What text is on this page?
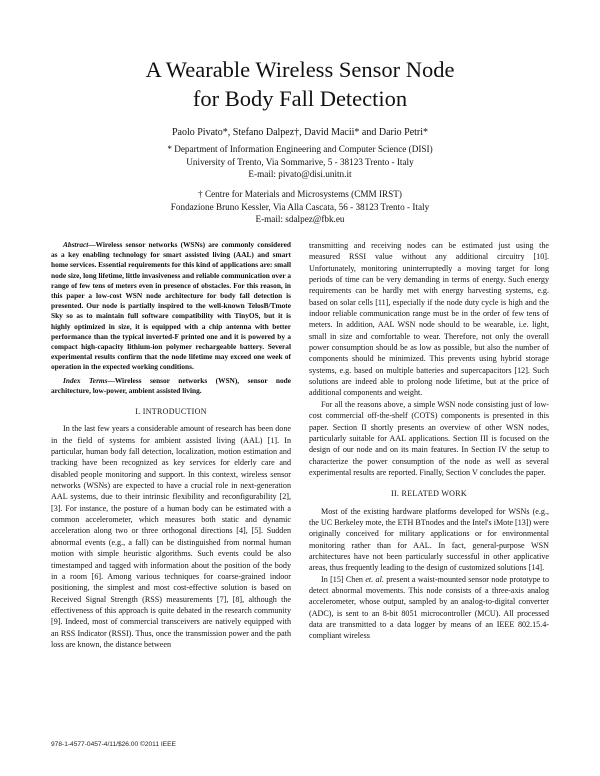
A Wearable Wireless Sensor Node
for Body Fall Detection
Paolo Pivato*, Stefano Dalpez†, David Macii* and Dario Petri*
* Department of Information Engineering and Computer Science (DISI)
University of Trento, Via Sommarive, 5 - 38123 Trento - Italy
E-mail: pivato@disi.unitn.it
† Centre for Materials and Microsystems (CMM IRST)
Fondazione Bruno Kessler, Via Alla Cascata, 56 - 38123 Trento - Italy
E-mail: sdalpez@fbk.eu

Abstract—Wireless sensor networks (WSNs) are commonly considered as a key enabling technology for smart assisted living (AAL) and smart home services. Essential requirements for this kind of applications are: small node size, long lifetime, little invasiveness and reliable communication over a range of few tens of meters even in presence of obstacles. For this reason, in this paper a low-cost WSN node architecture for body fall detection is presented. Our node is partially inspired to the well-known TelosB/Tmote Sky so as to maintain full software compatibility with TinyOS, but it is highly optimized in size, it is equipped with a chip antenna with better performance than the typical inverted-F printed one and it is powered by a compact high-capacity lithium-ion polymer rechargeable battery. Several experimental results confirm that the node lifetime may exceed one week of operation in the expected working conditions.

Index Terms—Wireless sensor networks (WSN), sensor node architecture, low-power, ambient assisted living.

I. INTRODUCTION

In the last few years a considerable amount of research has been done in the field of systems for ambient assisted living (AAL) [1]. In particular, human body fall detection, localization, motion estimation and tracking have been recognized as key services for elderly care and disabled people monitoring and support. In this context, wireless sensor networks (WSNs) are expected to have a crucial role in next-generation AAL systems, due to their intrinsic flexibility and reconfigurability [2], [3]. For instance, the posture of a human body can be estimated with a common accelerometer, which measures both static and dynamic acceleration along two or three orthogonal directions [4], [5]. Sudden abnormal events (e.g., a fall) can be distinguished from normal human motion with simple heuristic algorithms. Such events could be also timestamped and tagged with information about the position of the body in a room [6]. Among various techniques for coarse-grained indoor positioning, the simplest and most cost-effective solution is based on Received Signal Strength (RSS) measurements [7], [8], although the effectiveness of this approach is quite debated in the research community [9]. Indeed, most of commercial transceivers are natively equipped with an RSS Indicator (RSSI). Thus, once the transmission power and the path loss are known, the distance between

transmitting and receiving nodes can be estimated just using the measured RSSI value without any additional circuitry [10]. Unfortunately, monitoring uninterruptedly a moving target for long periods of time can be very demanding in terms of energy. Such energy requirements can be hardly met with energy harvesting systems, e.g. based on solar cells [11], especially if the node duty cycle is high and the indoor reliable communication range must be in the order of few tens of meters. In addition, AAL WSN node should to be wearable, i.e. light, small in size and comfortable to wear. Therefore, not only the overall power consumption should be as low as possible, but also the number of components should be minimized. This prevents using hybrid storage systems, e.g. based on multiple batteries and supercapacitors [12]. Such solutions are indeed able to prolong node lifetime, but at the price of additional components and weight.

For all the reasons above, a simple WSN node consisting just of low-cost commercial off-the-shelf (COTS) components is presented in this paper. Section II shortly presents an overview of other WSN nodes, particularly suitable for AAL applications. Section III is focused on the design of our node and on its main features. In Section IV the setup to characterize the power consumption of the node as well as several experimental results are reported. Finally, Section V concludes the paper.

II. RELATED WORK

Most of the existing hardware platforms developed for WSNs (e.g., the UC Berkeley mote, the ETH BTnodes and the Intel's iMote [13]) were originally conceived for military applications or for environmental monitoring rather than for AAL. In fact, general-purpose WSN architectures have not been particularly successful in other applicative areas, thus frequently leading to the design of customized solutions [14].

In [15] Chen et. al. present a waist-mounted sensor node prototype to detect abnormal movements. This node consists of a three-axis analog accelerometer, whose output, sampled by an analog-to-digital converter (ADC), is sent to an 8-bit 8051 microcontroller (MCU). All processed data are transmitted to a data logger by means of an IEEE 802.15.4-compliant wireless

978-1-4577-0457-4/11/$26.00 ©2011 IEEE
